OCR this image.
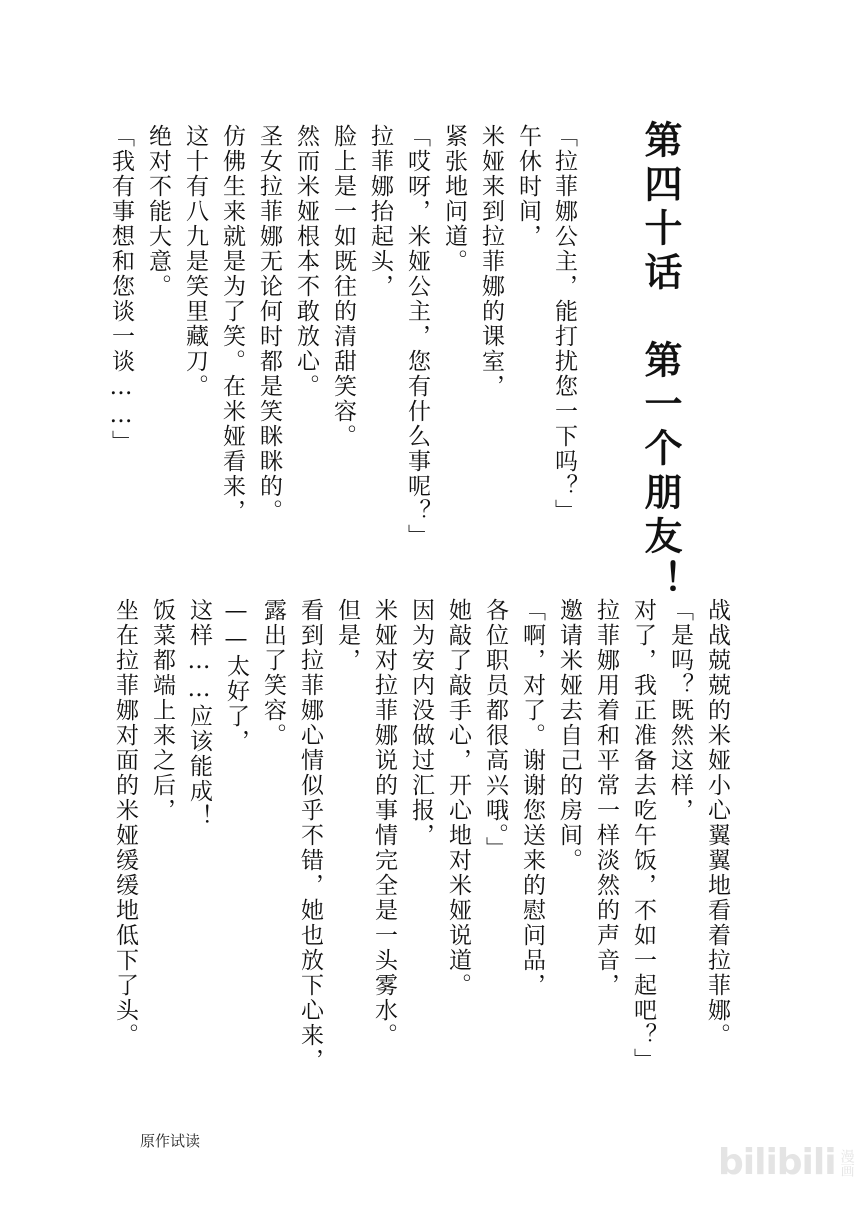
第四十话　第一个朋友！
「拉菲娜公主，能打扰您一下吗？」
午休时间，
米娅来到拉菲娜的课室，
紧张地问道。
「哎呀，米娅公主，您有什么事呢？」
拉菲娜抬起头，
脸上是一如既往的清甜笑容。
然而米娅根本不敢放心。
圣女拉菲娜无论何时都是笑眯眯的。
仿佛生来就是为了笑。在米娅看来，
这十有八九是笑里藏刀。
绝对不能大意。
「我有事想和您谈一谈……」
战战兢兢的米娅小心翼翼地看着拉菲娜。
「是吗？既然这样，
对了，我正准备去吃午饭，不如一起吧？」
拉菲娜用着和平常一样淡然的声音，
邀请米娅去自己的房间。
「啊，对了。谢谢您送来的慰问品，
各位职员都很高兴哦。」
她敲了敲手心，开心地对米娅说道。
因为安内没做过汇报，
米娅对拉菲娜说的事情完全是一头雾水。
但是，
看到拉菲娜心情似乎不错，她也放下心来，
露出了笑容。
——太好了，
这样……应该能成！
饭菜都端上来之后，
坐在拉菲娜对面的米娅缓缓地低下了头。
原作试读
bilibili 漫画
